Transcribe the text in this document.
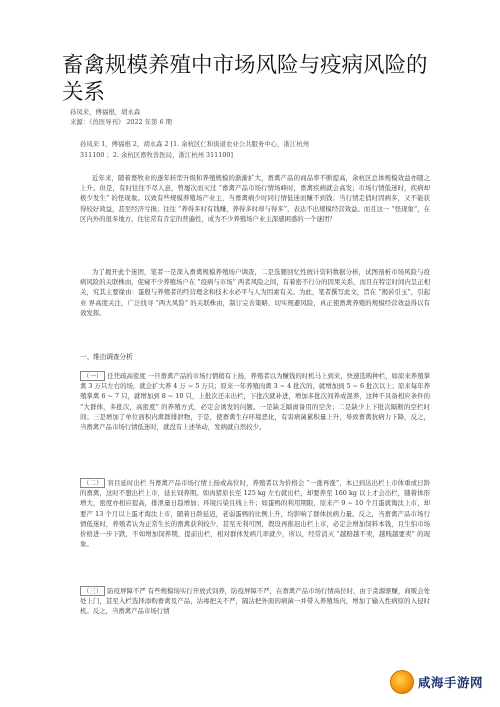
畜禽规模养殖中市场风险与疫病风险的关系
孙凤来，傅福根，胡永森
来源：《兽医导刊》 2022 年第 6 期
孙凤来 1，傅福根 2，胡永森 2 [1. 余杭区仁和街道农业公共服务中心，浙江杭州
311100 ；2. 余杭区畜牧兽医局，浙江杭州 311100]

近年来，随着畜牧业的逐年转型升级和养殖规模的渐渐扩大，畜禽产品的商品率不断提高，余杭区总体规模效益亦随之上升。但是，有时往往不尽人意，曾屡次而灭过 “畜禽产品市场行情场峰时，畜禽疾病就会高发；市场行情低迷时，疾病却极少发生” 的怪现象。以致有些规模养殖场产业主，当畜禽病少时同行情低迷而赚不到钱；当行情走俏时因病多，又不能获得较好效益，甚至经济亏损；往往 “养得多时有钱赚，养得多时却与得多”，表达不出规模经营效益。而且这一 “怪现象”，在区内外的很多地方，往往常有肯定的普遍性，成为不少养殖场户业主深感困惑的一个谜团？

为了揭开此个迷团，笔者一是深入畜禽规模养殖场户调查，二是选题回忆性统计资料数据分析，试图剖析市场风险与疫病风险的关联株由，促窥不少养殖场户在 “疫病与市场” 两者风险之间，有着密不行分的因果关系，而且在特定时间内呈正相关，究其主要缘由：蛋殷与养殖者的经营理念和技术水必平与人为因素有关。为此，笔者撰写此文，旨在 “揭砖引玉”，引起业 界高度关注，广泛找寻 “两大风险” 的关联株由，制订完善策略，切实规避风险，真正使畜禽养殖的规模经营效益得以有效发挥。

一、维由调查分析

（一） 任凭疏高密度 一旦畜禽产品的市场行情稍有上扬，养殖者以为赚钱的时机马上到来，快速选购种栏，如原来养殖掌禽 3 万只左右的场，就会扩大养 4 万 ~ 5 万只；原来一年养殖肉禽 3 ~ 4 批次的，就增加到 5 ~ 6 批次以上；原来每年养殖掌禽 6 ~ 7 只，就增加到 8 ~ 10 只，上批次还未出栏，下批次就补进，增加多批次间养成混养，这种不具备相应条件的 “大群体，多批次，高密度” 的养殖方式，必定会诱发的问题。一是缺乏隔离备用的空舍；二是缺少上下批次隔断的空栏时间；三是增加了单位面积内禽群排泄物，于是，使畜禽生存环境恶化，有害病菌累积量上升，导致畜禽抗病力下降，反之，当畜禽产品市场行情低迷时，就没有上述举动，发病就自然较少。

（二） 盲目延时出栏 当畜禽产品市场行情上扬或高位时，养殖者以为价格会 “一涨再涨”，本已到达出栏上市体重或日龄的畜禽，这时不想出栏上市，延长饲养期。如肉猪原长至 125 kg 左右就出栏，却要养至 160 kg 以上才会出栏，随着体形增大，密度亦相应提高，排泄量日趋增加；环境污染且线上升；如蛋鸭的利用期限，原来产 9 ~ 10 个月蛋就淘汰上市，却要产 13 个月以上蛋才淘汰上市，随着日龄延迟，老弱蛋鸭的比例上升，均影响了群体抗病力量。反之，当畜禽产品市场行情低迷时，养殖者认为正常生长的畜禽获利较少，甚至无利可图，假设再推迟出栏上市，必定会增加饲料本钱，且生怕市场价格进一步下跌，不如增加饲养期，提前出栏，相对群体发病几率就少，所以，经常消灭 “越赔越不卖，越贱越要卖” 的现象。

（三） 防疫屏障不严 有些规模场实行开放式饲养，防疫屏障不严，在畜禽产品市场行情高位时，由于贪源驱赚，商贩会处处上门，甚至入栏选择添购畜禽及产品，沾毒把关不严，隔沾把外面的病菌一并带入养殖场内，增加了输入性病原的入侵时机。反之，当畜禽产品市场行情

咸海手游网
